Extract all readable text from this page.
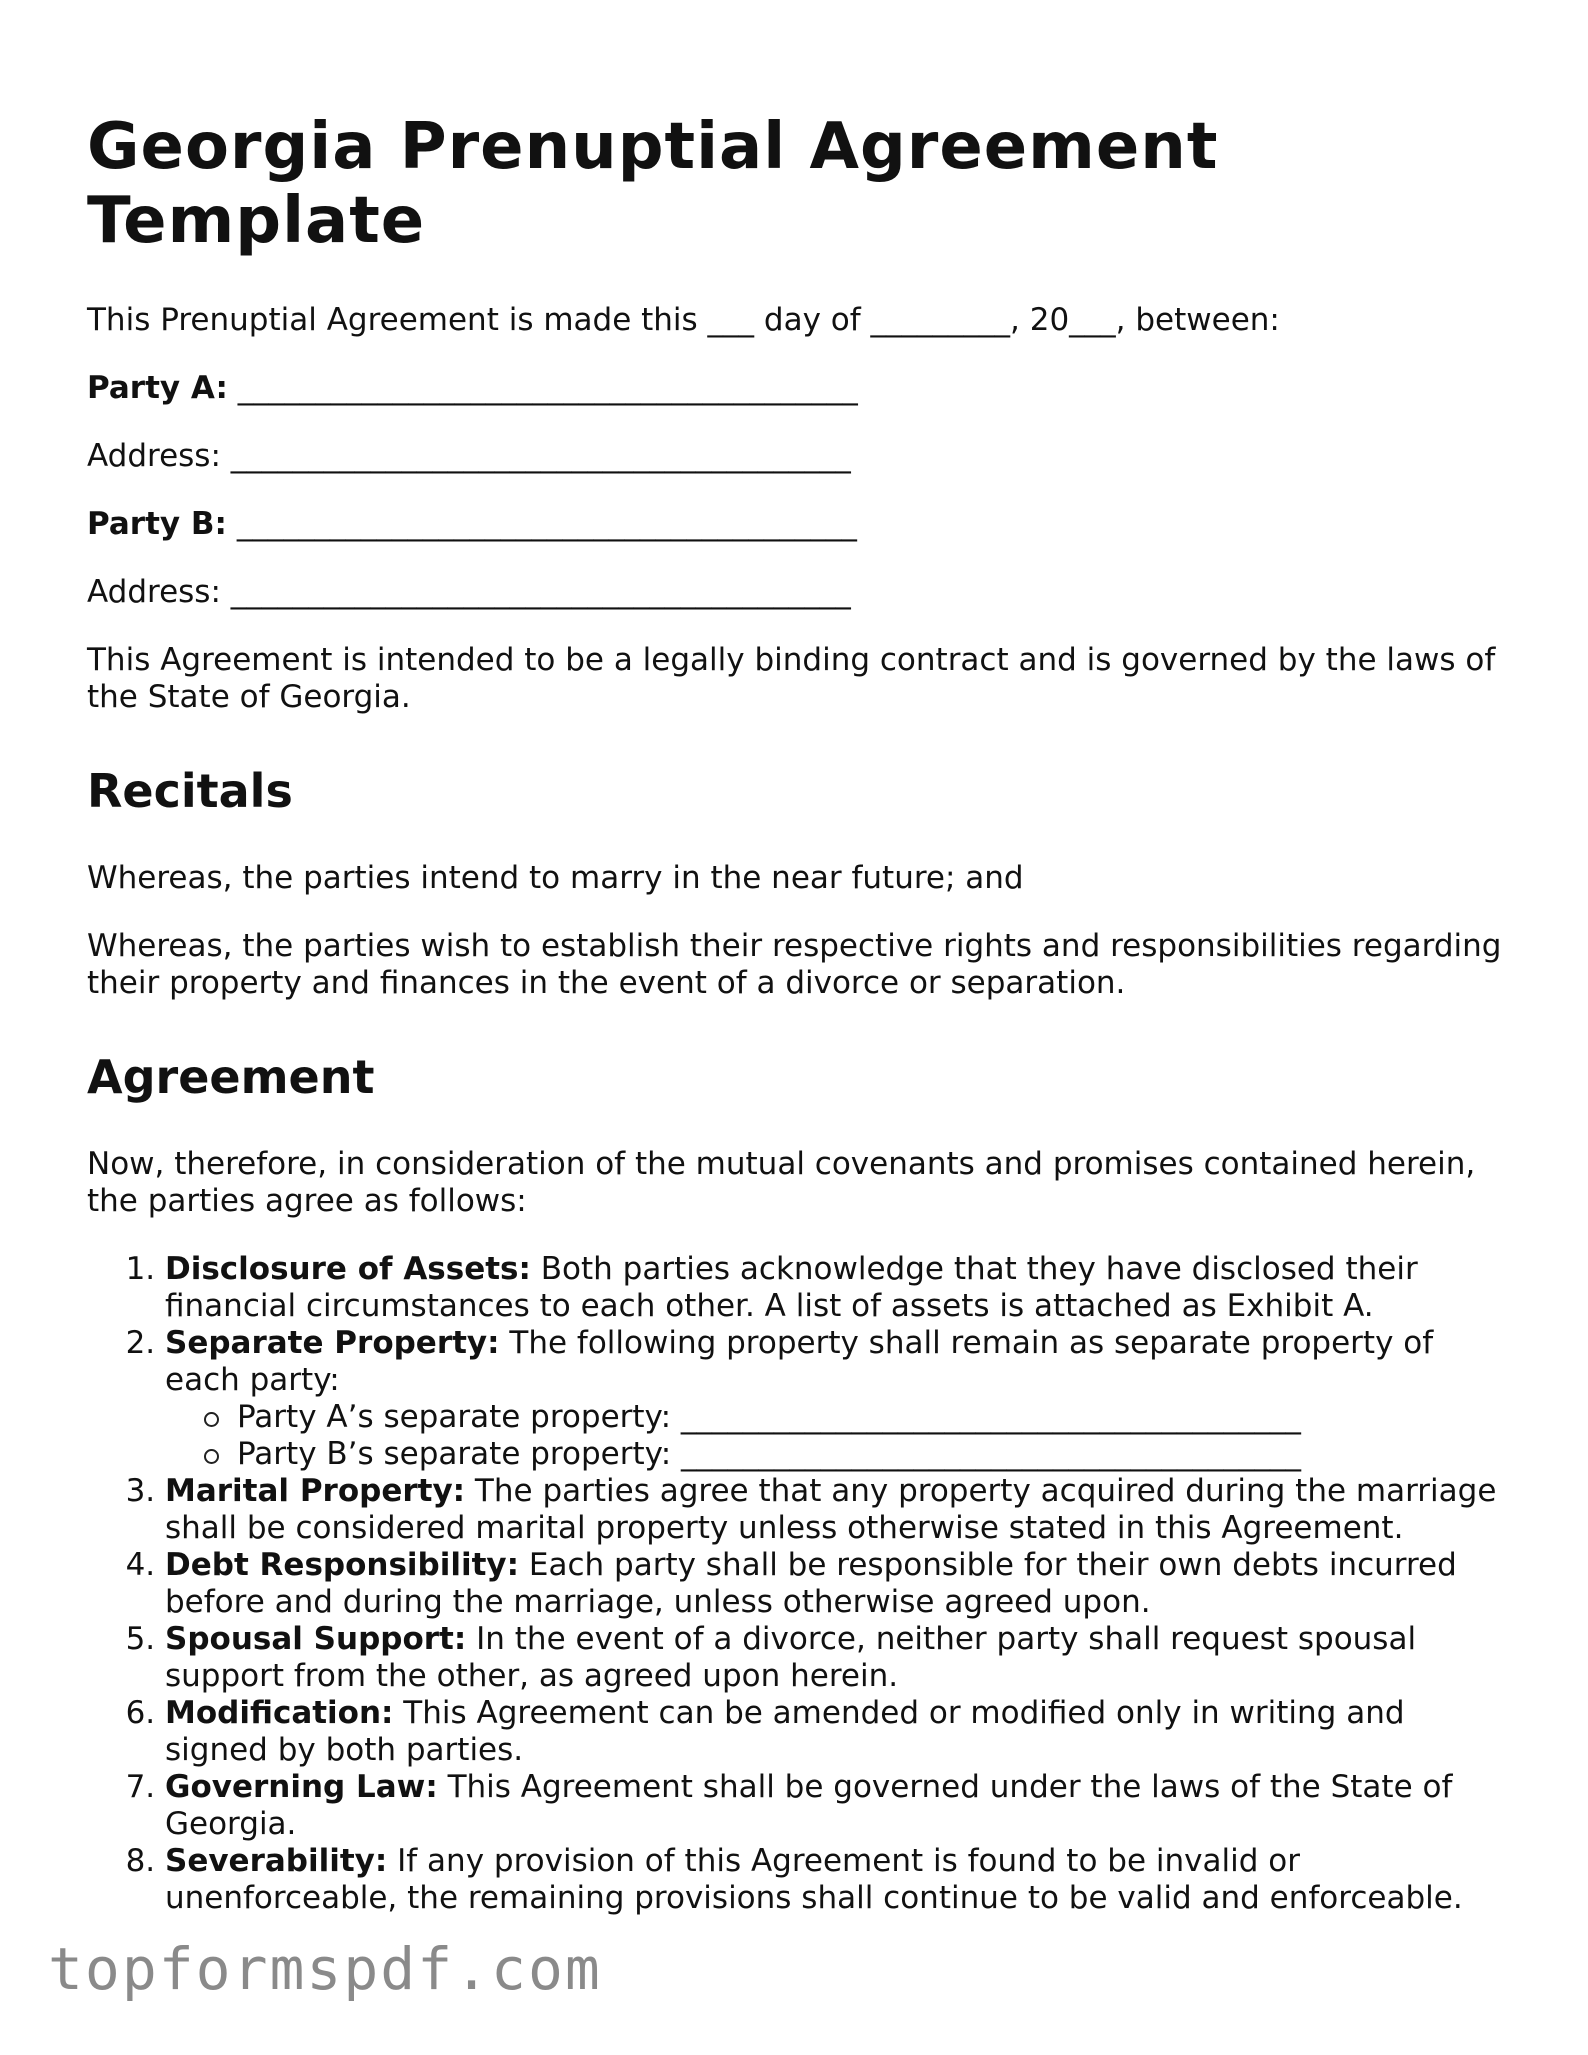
Georgia Prenuptial Agreement Template

This Prenuptial Agreement is made this ___ day of _________, 20___, between:

Party A: ________________________________________

Address: ________________________________________

Party B: ________________________________________

Address: ________________________________________

This Agreement is intended to be a legally binding contract and is governed by the laws of the State of Georgia.

Recitals

Whereas, the parties intend to marry in the near future; and

Whereas, the parties wish to establish their respective rights and responsibilities regarding their property and finances in the event of a divorce or separation.

Agreement

Now, therefore, in consideration of the mutual covenants and promises contained herein, the parties agree as follows:

1. Disclosure of Assets: Both parties acknowledge that they have disclosed their financial circumstances to each other. A list of assets is attached as Exhibit A.
2. Separate Property: The following property shall remain as separate property of each party:
Party A’s separate property: ________________________________________
Party B’s separate property: ________________________________________
3. Marital Property: The parties agree that any property acquired during the marriage shall be considered marital property unless otherwise stated in this Agreement.
4. Debt Responsibility: Each party shall be responsible for their own debts incurred before and during the marriage, unless otherwise agreed upon.
5. Spousal Support: In the event of a divorce, neither party shall request spousal support from the other, as agreed upon herein.
6. Modification: This Agreement can be amended or modified only in writing and signed by both parties.
7. Governing Law: This Agreement shall be governed under the laws of the State of Georgia.
8. Severability: If any provision of this Agreement is found to be invalid or unenforceable, the remaining provisions shall continue to be valid and enforceable.
topformspdf.com
